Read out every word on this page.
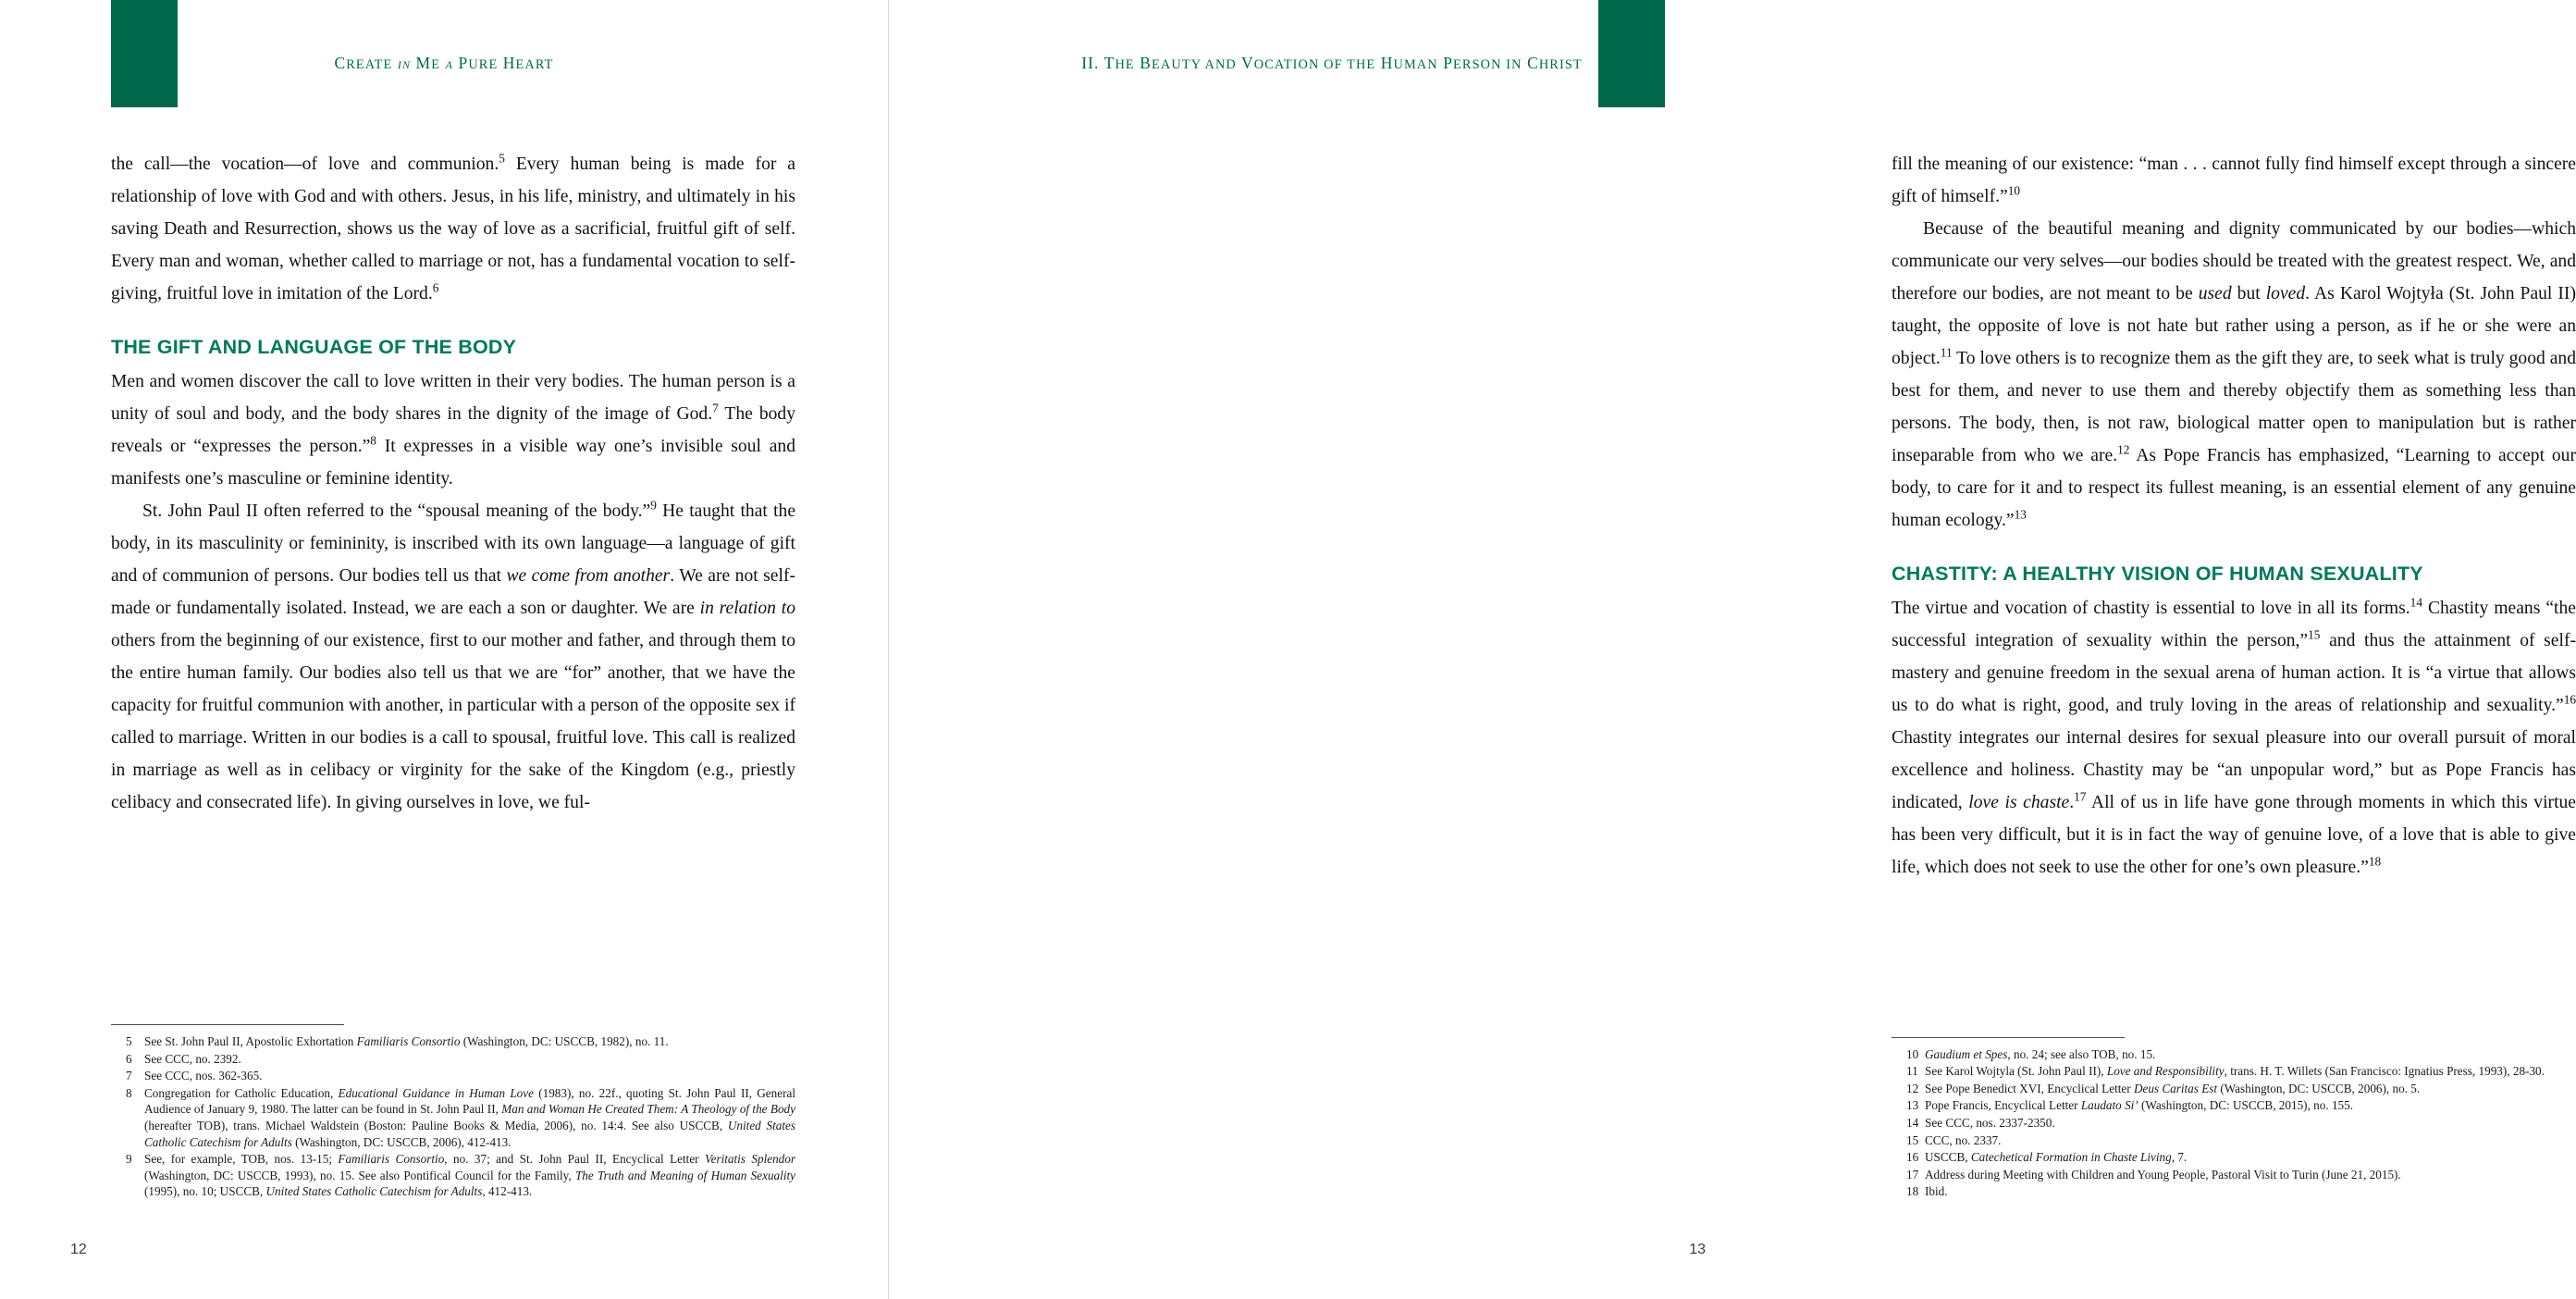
CREATE in ME a PURE HEART

the call—the vocation—of love and communion.$^5$ Every human being is made for a relationship of love with God and with others. Jesus, in his life, ministry, and ultimately in his saving Death and Resurrection, shows us the way of love as a sacrificial, fruitful gift of self. Every man and woman, whether called to marriage or not, has a fundamental vocation to self-giving, fruitful love in imitation of the Lord.$^6$

THE GIFT AND LANGUAGE OF THE BODY

Men and women discover the call to love written in their very bodies. The human person is a unity of soul and body, and the body shares in the dignity of the image of God.$^7$ The body reveals or “expresses the person.”$^8$ It expresses in a visible way one’s invisible soul and manifests one’s masculine or feminine identity.

St. John Paul II often referred to the “spousal meaning of the body.”$^9$ He taught that the body, in its masculinity or femininity, is inscribed with its own language—a language of gift and of communion of persons. Our bodies tell us that we come from another. We are not self-made or fundamentally isolated. Instead, we are each a son or daughter. We are in relation to others from the beginning of our existence, first to our mother and father, and through them to the entire human family. Our bodies also tell us that we are “for” another, that we have the capacity for fruitful communion with another, in particular with a person of the opposite sex if called to marriage. Written in our bodies is a call to spousal, fruitful love. This call is realized in marriage as well as in celibacy or virginity for the sake of the Kingdom (e.g., priestly celibacy and consecrated life). In giving ourselves in love, we ful-

5	See St. John Paul II, Apostolic Exhortation Familiaris Consortio (Washington, DC: USCCB, 1982), no. 11.
6	See CCC, no. 2392.
7	See CCC, nos. 362-365.
8	Congregation for Catholic Education, Educational Guidance in Human Love (1983), no. 22f., quoting St. John Paul II, General Audience of January 9, 1980. The latter can be found in St. John Paul II, Man and Woman He Created Them: A Theology of the Body (hereafter TOB), trans. Michael Waldstein (Boston: Pauline Books & Media, 2006), no. 14:4. See also USCCB, United States Catholic Catechism for Adults (Washington, DC: USCCB, 2006), 412-413.
9	See, for example, TOB, nos. 13-15; Familiaris Consortio, no. 37; and St. John Paul II, Encyclical Letter Veritatis Splendor (Washington, DC: USCCB, 1993), no. 15. See also Pontifical Council for the Family, The Truth and Meaning of Human Sexuality (1995), no. 10; USCCB, United States Catholic Catechism for Adults, 412-413.
12
II. THE BEAUTY AND VOCATION OF THE HUMAN PERSON IN CHRIST

fill the meaning of our existence: “man . . . cannot fully find himself except through a sincere gift of himself.”$^{10}$

Because of the beautiful meaning and dignity communicated by our bodies—which communicate our very selves—our bodies should be treated with the greatest respect. We, and therefore our bodies, are not meant to be used but loved. As Karol Wojtyła (St. John Paul II) taught, the opposite of love is not hate but rather using a person, as if he or she were an object.$^{11}$ To love others is to recognize them as the gift they are, to seek what is truly good and best for them, and never to use them and thereby objectify them as something less than persons. The body, then, is not raw, biological matter open to manipulation but is rather inseparable from who we are.$^{12}$ As Pope Francis has emphasized, “Learning to accept our body, to care for it and to respect its fullest meaning, is an essential element of any genuine human ecology.”$^{13}$

CHASTITY: A HEALTHY VISION OF HUMAN SEXUALITY

The virtue and vocation of chastity is essential to love in all its forms.$^{14}$ Chastity means “the successful integration of sexuality within the person,”$^{15}$ and thus the attainment of self-mastery and genuine freedom in the sexual arena of human action. It is “a virtue that allows us to do what is right, good, and truly loving in the areas of relationship and sexuality.”$^{16}$ Chastity integrates our internal desires for sexual pleasure into our overall pursuit of moral excellence and holiness. Chastity may be “an unpopular word,” but as Pope Francis has indicated, love is chaste.$^{17}$ All of us in life have gone through moments in which this virtue has been very difficult, but it is in fact the way of genuine love, of a love that is able to give life, which does not seek to use the other for one’s own pleasure.”$^{18}$

10 Gaudium et Spes, no. 24; see also TOB, no. 15.
11 See Karol Wojtyla (St. John Paul II), Love and Responsibility, trans. H. T. Willets (San Francisco: Ignatius Press, 1993), 28-30.
12 See Pope Benedict XVI, Encyclical Letter Deus Caritas Est (Washington, DC: USCCB, 2006), no. 5.
13 Pope Francis, Encyclical Letter Laudato Si’ (Washington, DC: USCCB, 2015), no. 155.
14 See CCC, nos. 2337-2350.
15 CCC, no. 2337.
16 USCCB, Catechetical Formation in Chaste Living, 7.
17 Address during Meeting with Children and Young People, Pastoral Visit to Turin (June 21, 2015).
18 Ibid.
13
